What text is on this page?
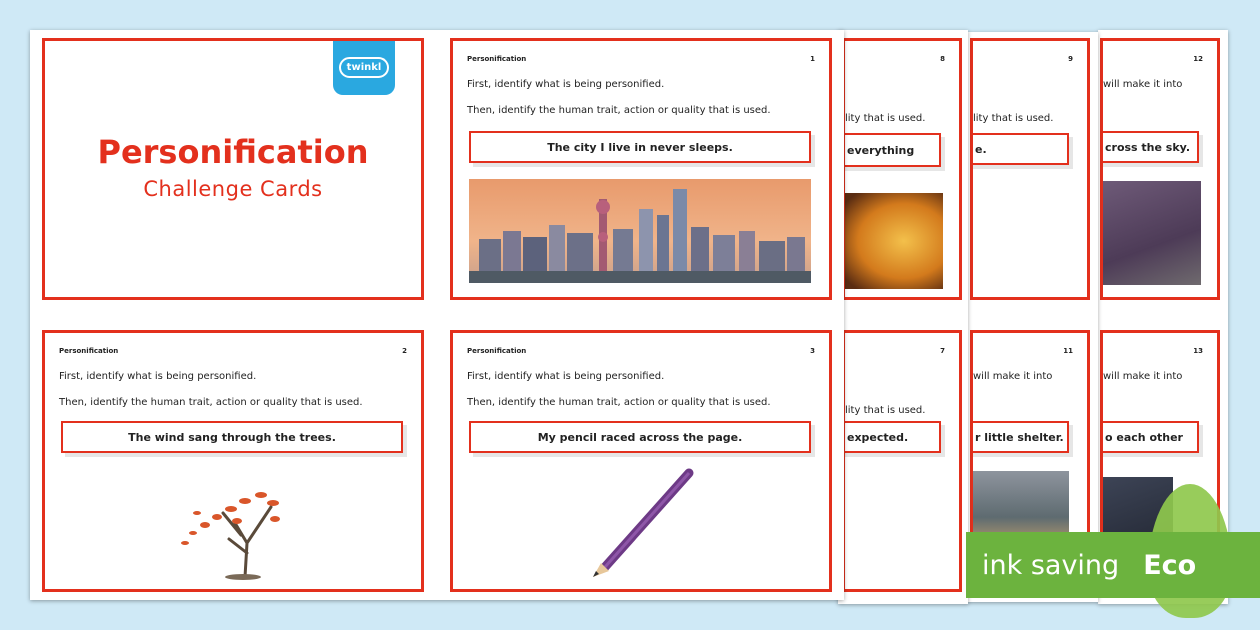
12
will make it into
cross the sky.
13
will make it into
o each other
9
lity that is used.
e.
11
will make it into
r little shelter.
8
lity that is used.
everything
7
lity that is used.
expected.
twinkl
Personification
Challenge Cards
Personification	1
First, identify what is being personified.
Then, identify the human trait, action or quality that is used.
The city I live in never sleeps.
Personification	2
First, identify what is being personified.
Then, identify the human trait, action or quality that is used.
The wind sang through the trees.
Personification	3
First, identify what is being personified.
Then, identify the human trait, action or quality that is used.
My pencil raced across the page.
ink saving Eco
